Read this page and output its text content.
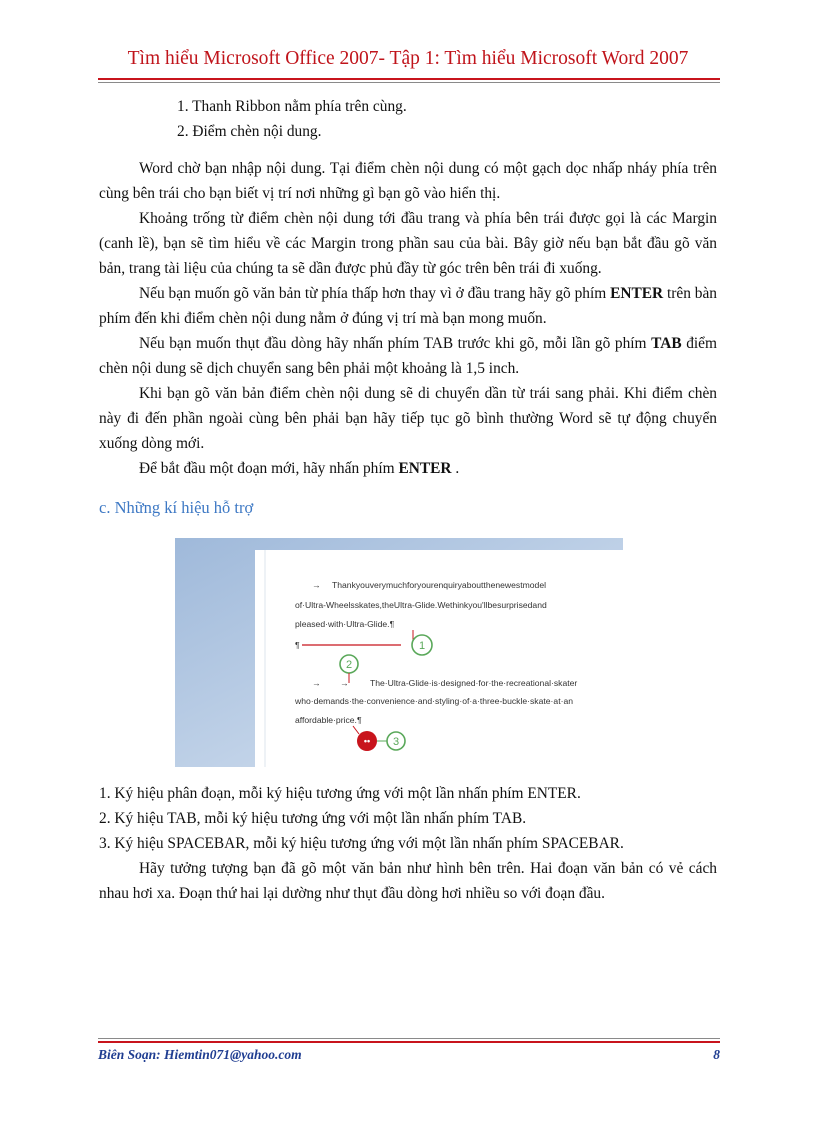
Tìm hiểu Microsoft Office 2007- Tập 1: Tìm hiểu Microsoft Word 2007

1. Thanh Ribbon nằm phía trên cùng.

2. Điểm chèn nội dung.

Word chờ bạn nhập nội dung. Tại điểm chèn nội dung có một gạch dọc nhấp nháy phía trên cùng bên trái cho bạn biết vị trí nơi những gì bạn gõ vào hiển thị.

Khoảng trống từ điểm chèn nội dung tới đầu trang và phía bên trái được gọi là các Margin (canh lề), bạn sẽ tìm hiểu về các Margin trong phần sau của bài. Bây giờ nếu bạn bắt đầu gõ văn bản, trang tài liệu của chúng ta sẽ dần được phủ đầy từ góc trên bên trái đi xuống.

Nếu bạn muốn gõ văn bản từ phía thấp hơn thay vì ở đầu trang hãy gõ phím ENTER trên bàn phím đến khi điểm chèn nội dung nằm ở đúng vị trí mà bạn mong muốn.

Nếu bạn muốn thụt đầu dòng hãy nhấn phím TAB trước khi gõ, mỗi lần gõ phím TAB điểm chèn nội dung sẽ dịch chuyển sang bên phải một khoảng là 1,5 inch.

Khi bạn gõ văn bản điểm chèn nội dung sẽ di chuyển dần từ trái sang phải. Khi điểm chèn này đi đến phần ngoài cùng bên phải bạn hãy tiếp tục gõ bình thường Word sẽ tự động chuyển xuống dòng mới.

Để bắt đầu một đoạn mới, hãy nhấn phím ENTER .

c. Những kí hiệu hỗ trợ

→ Thankyouverymuchforyourenquiryaboutthenewestmodel
of·Ultra-Wheelsskates,theUltra-Glide.Wethinkyou'llbesurprisedand
pleased·with·Ultra-Glide.¶
¶	1
2
→ → The·Ultra-Glide·is·designed·for·the·recreational·skater
who·demands·the·convenience·and·styling·of·a·three-buckle·skate·at·an
affordable·price.¶
•• 3

1. Ký hiệu phân đoạn, mỗi ký hiệu tương ứng với một lần nhấn phím ENTER.

2. Ký hiệu TAB, mỗi ký hiệu tương ứng với một lần nhấn phím TAB.

3. Ký hiệu SPACEBAR, mỗi ký hiệu tương ứng với một lần nhấn phím SPACEBAR.

Hãy tưởng tượng bạn đã gõ một văn bản như hình bên trên. Hai đoạn văn bản có vẻ cách nhau hơi xa. Đoạn thứ hai lại dường như thụt đầu dòng hơi nhiều so với đoạn đầu.

Biên Soạn: Hiemtin071@yahoo.com	8
